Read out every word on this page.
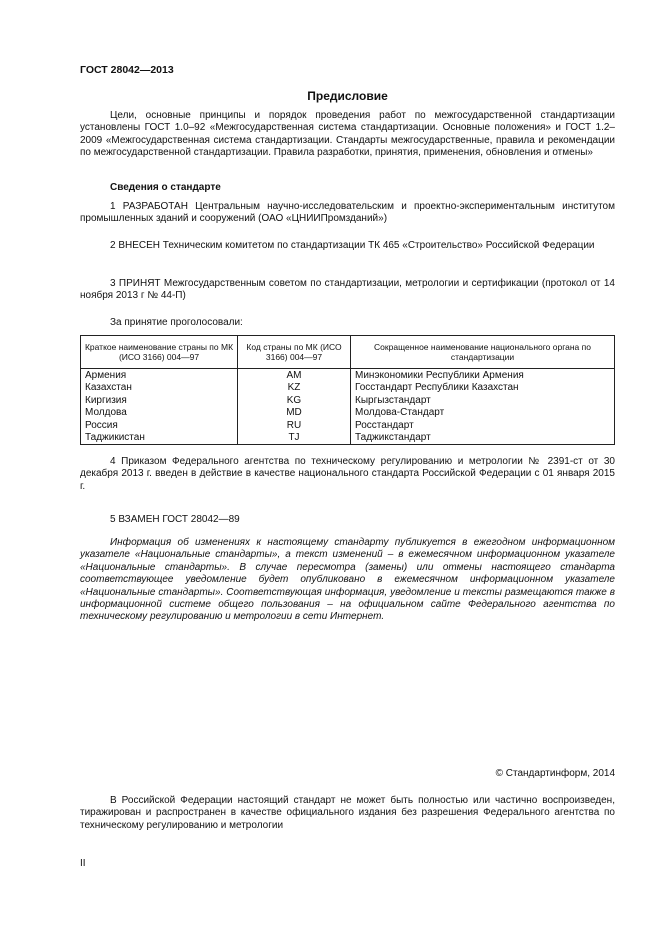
ГОСТ 28042—2013
Предисловие
Цели, основные принципы и порядок проведения работ по межгосударственной стандартизации установлены ГОСТ 1.0–92 «Межгосударственная система стандартизации. Основные положения» и ГОСТ 1.2–2009 «Межгосударственная система стандартизации. Стандарты межгосударственные, правила и рекомендации по межгосударственной стандартизации. Правила разработки, принятия, применения, обновления и отмены»
Сведения о стандарте
1 РАЗРАБОТАН Центральным научно-исследовательским и проектно-экспериментальным институтом промышленных зданий и сооружений (ОАО «ЦНИИПромзданий»)
2 ВНЕСЕН Техническим комитетом по стандартизации ТК 465 «Строительство» Российской Федерации
3 ПРИНЯТ Межгосударственным советом по стандартизации, метрологии и сертификации (протокол от 14 ноября 2013 г № 44-П)
За принятие проголосовали:
Краткое наименование страны по МК (ИСО 3166) 004—97	Код страны по МК (ИСО 3166) 004—97	Сокращенное наименование национального органа по стандартизации
Армения	AM	Минэкономики Республики Армения
Казахстан	KZ	Госстандарт Республики Казахстан
Киргизия	KG	Кыргызстандарт
Молдова	MD	Молдова-Стандарт
Россия	RU	Росстандарт
Таджикистан	TJ	Таджикстандарт
4 Приказом Федерального агентства по техническому регулированию и метрологии № 2391-ст от 30 декабря 2013 г. введен в действие в качестве национального стандарта Российской Федерации с 01 января 2015 г.
5 ВЗАМЕН ГОСТ 28042—89
Информация об изменениях к настоящему стандарту публикуется в ежегодном информационном указателе «Национальные стандарты», а текст изменений – в ежемесячном информационном указателе «Национальные стандарты». В случае пересмотра (замены) или отмены настоящего стандарта соответствующее уведомление будет опубликовано в ежемесячном информационном указателе «Национальные стандарты». Соответствующая информация, уведомление и тексты размещаются также в информационной системе общего пользования – на официальном сайте Федерального агентства по техническому регулированию и метрологии в сети Интернет.
© Стандартинформ, 2014
В Российской Федерации настоящий стандарт не может быть полностью или частично воспроизведен, тиражирован и распространен в качестве официального издания без разрешения Федерального агентства по техническому регулированию и метрологии
II
